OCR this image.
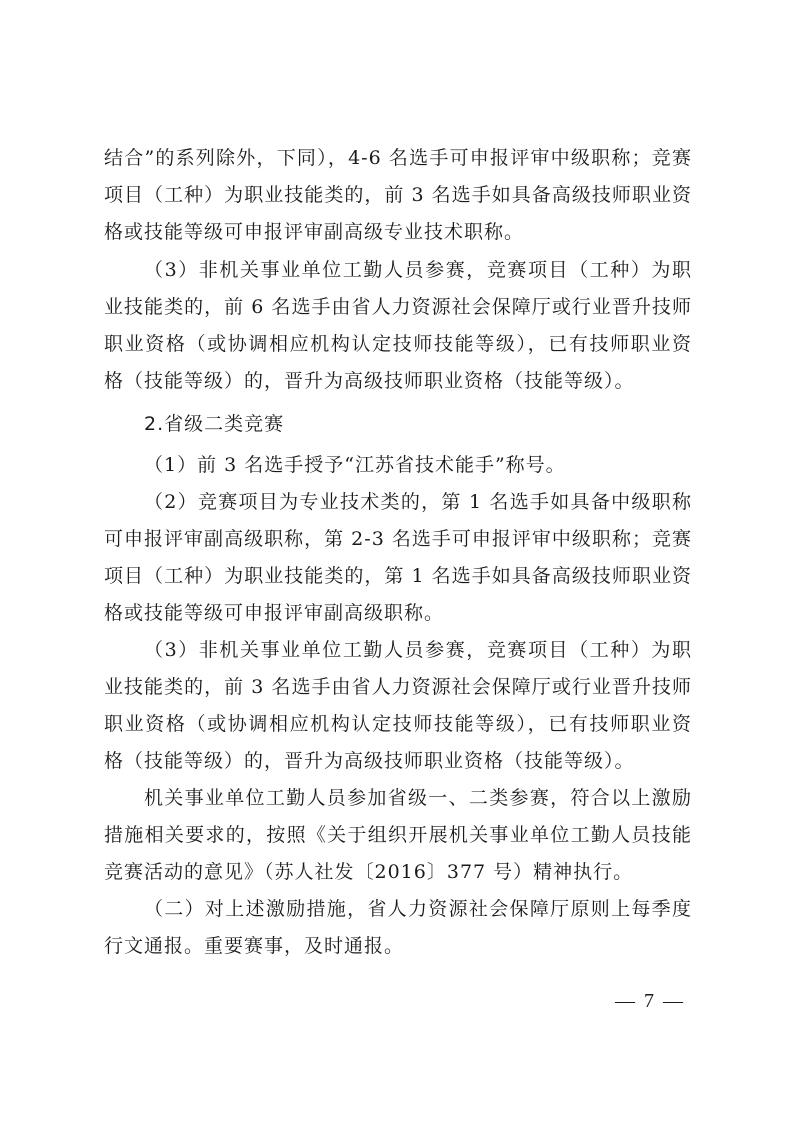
结合”的系列除外，下同），4-6 名选手可申报评审中级职称；竞赛项目（工种）为职业技能类的，前 3 名选手如具备高级技师职业资格或技能等级可申报评审副高级专业技术职称。

（3）非机关事业单位工勤人员参赛，竞赛项目（工种）为职业技能类的，前 6 名选手由省人力资源社会保障厅或行业晋升技师职业资格（或协调相应机构认定技师技能等级），已有技师职业资格（技能等级）的，晋升为高级技师职业资格（技能等级）。

2.省级二类竞赛

（1）前 3 名选手授予“江苏省技术能手”称号。

（2）竞赛项目为专业技术类的，第 1 名选手如具备中级职称可申报评审副高级职称，第 2-3 名选手可申报评审中级职称；竞赛项目（工种）为职业技能类的，第 1 名选手如具备高级技师职业资格或技能等级可申报评审副高级职称。

（3）非机关事业单位工勤人员参赛，竞赛项目（工种）为职业技能类的，前 3 名选手由省人力资源社会保障厅或行业晋升技师职业资格（或协调相应机构认定技师技能等级），已有技师职业资格（技能等级）的，晋升为高级技师职业资格（技能等级）。

机关事业单位工勤人员参加省级一、二类参赛，符合以上激励措施相关要求的，按照《关于组织开展机关事业单位工勤人员技能竞赛活动的意见》（苏人社发〔2016〕377 号）精神执行。

（二）对上述激励措施，省人力资源社会保障厅原则上每季度行文通报。重要赛事，及时通报。

— 7 —
